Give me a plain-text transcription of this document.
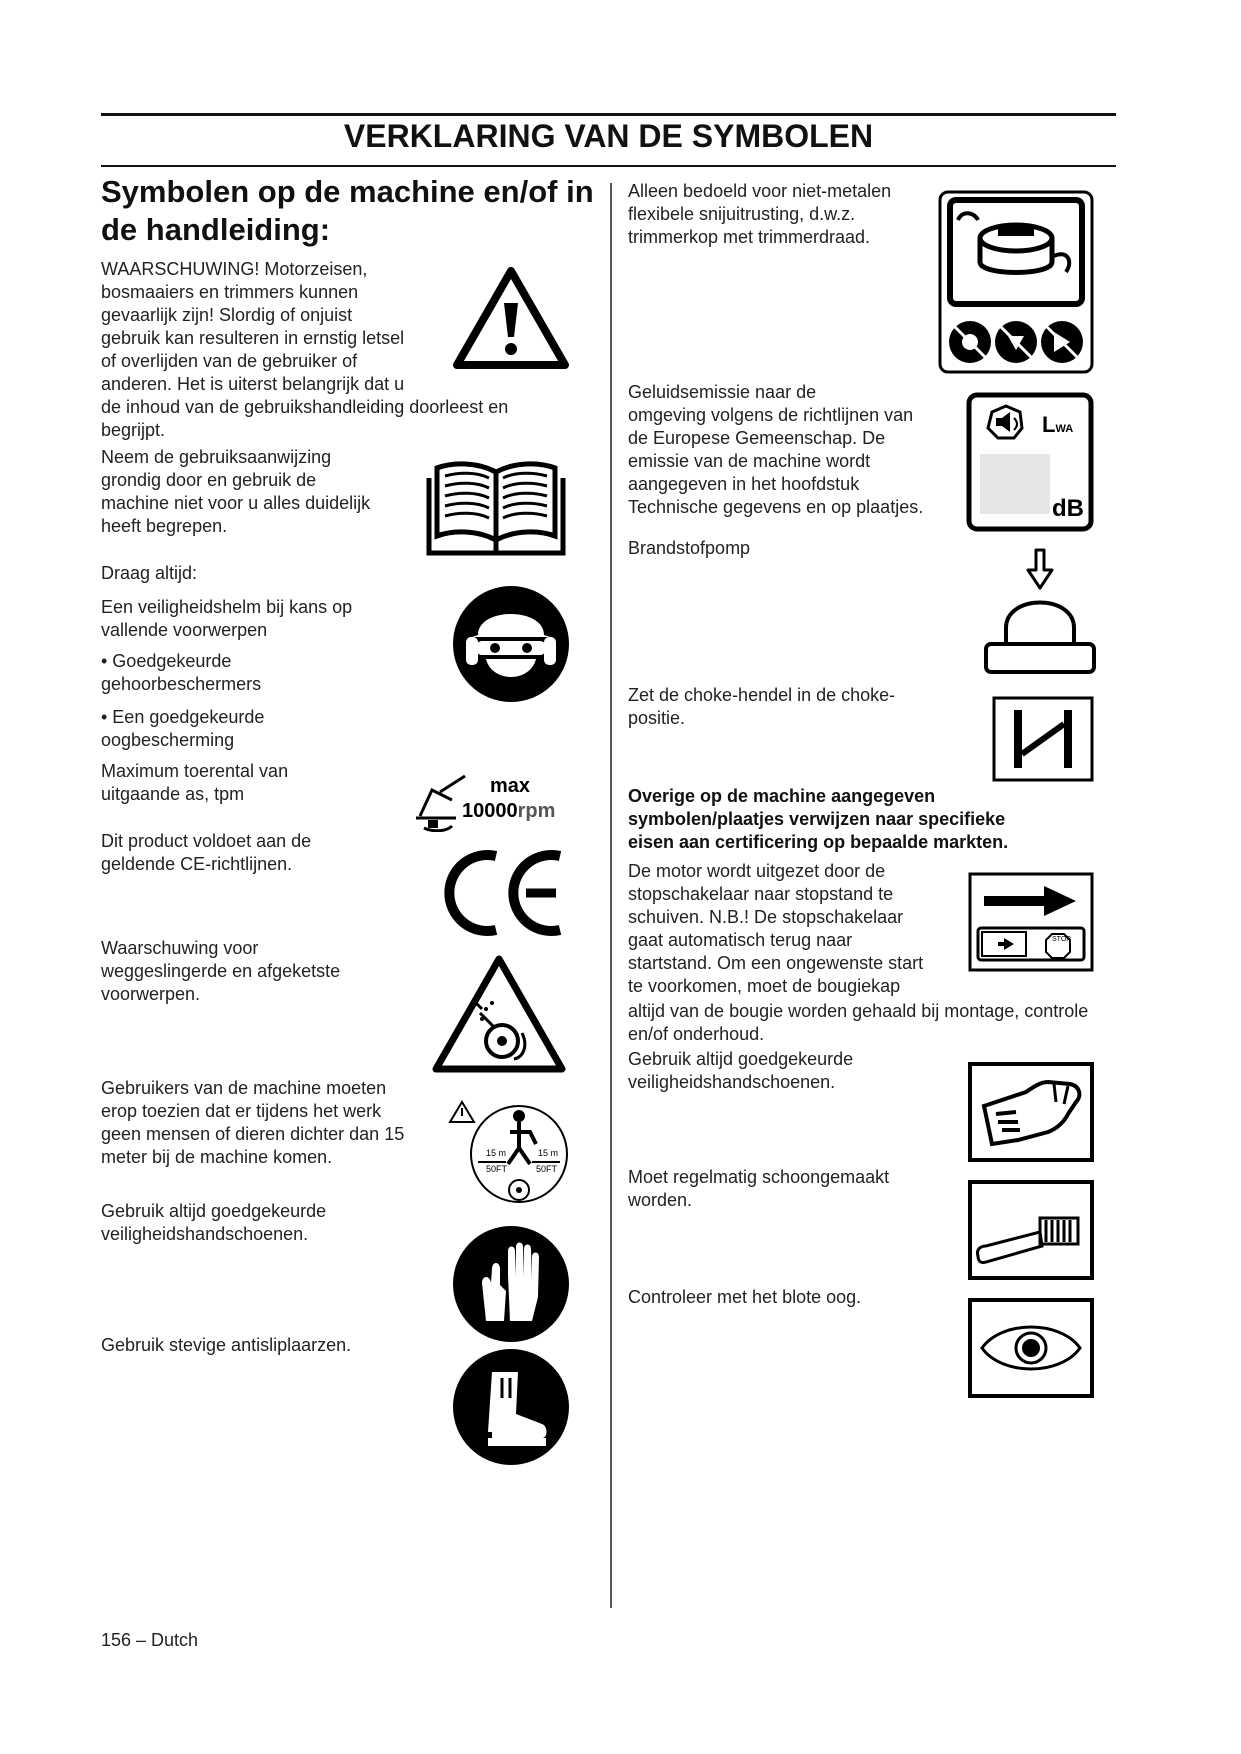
VERKLARING VAN DE SYMBOLEN
Symbolen op de machine en/of in de handleiding:

WAARSCHUWING! Motorzeisen,
bosmaaiers en trimmers kunnen
gevaarlijk zijn! Slordig of onjuist
gebruik kan resulteren in ernstig letsel
of overlijden van de gebruiker of
anderen. Het is uiterst belangrijk dat u

de inhoud van de gebruikshandleiding doorleest en
begrijpt.

Neem de gebruiksaanwijzing
grondig door en gebruik de
machine niet voor u alles duidelijk
heeft begrepen.

Draag altijd:

Een veiligheidshelm bij kans op
vallende voorwerpen

• Goedgekeurde
gehoorbeschermers

• Een goedgekeurde
oogbescherming

Maximum toerental van
uitgaande as, tpm	max
10000rpm

Dit product voldoet aan de
geldende CE-richtlijnen.

Waarschuwing voor
weggeslingerde en afgeketste
voorwerpen.

Gebruikers van de machine moeten
erop toezien dat er tijdens het werk
geen mensen of dieren dichter dan 15
meter bij de machine komen.	15 m
50FT
15 m
50FT

Gebruik altijd goedgekeurde
veiligheidshandschoenen.

Gebruik stevige antisliplaarzen.

Alleen bedoeld voor niet-metalen
flexibele snijuitrusting, d.w.z.
trimmerkop met trimmerdraad.

Geluidsemissie naar de
omgeving volgens de richtlijnen van
de Europese Gemeenschap. De
emissie van de machine wordt
aangegeven in het hoofdstuk
Technische gegevens en op plaatjes.

LWA
dB

Brandstofpomp

Zet de choke-hendel in de choke-
positie.

Overige op de machine aangegeven
symbolen/plaatjes verwijzen naar specifieke
eisen aan certificering op bepaalde markten.

De motor wordt uitgezet door de
stopschakelaar naar stopstand te
schuiven. N.B.! De stopschakelaar
gaat automatisch terug naar
startstand. Om een ongewenste start
te voorkomen, moet de bougiekap

altijd van de bougie worden gehaald bij montage, controle
en/of onderhoud.

STOP

Gebruik altijd goedgekeurde
veiligheidshandschoenen.

Moet regelmatig schoongemaakt
worden.

Controleer met het blote oog.

156 – Dutch
